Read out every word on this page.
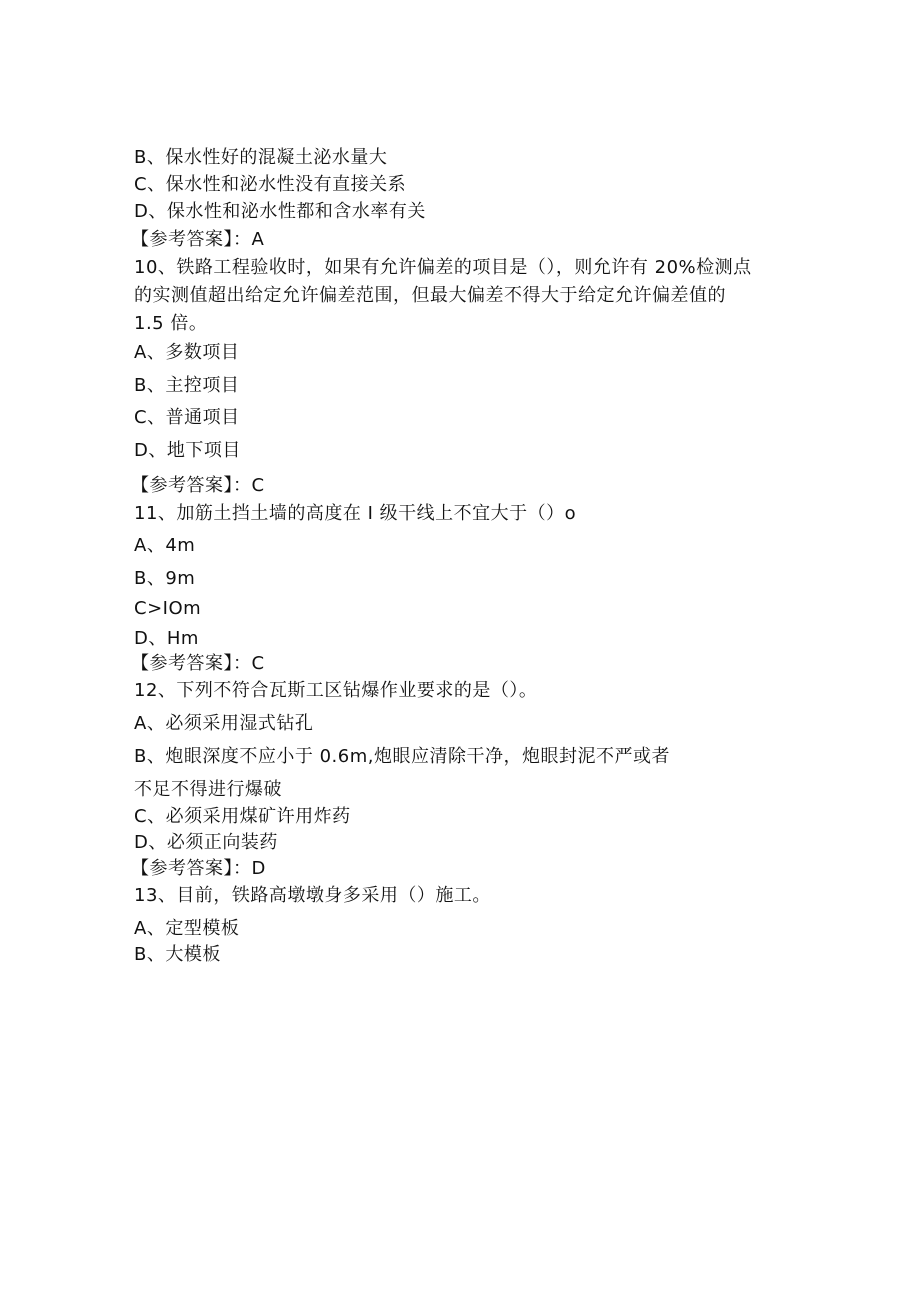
B、保水性好的混凝土泌水量大
C、保水性和泌水性没有直接关系
D、保水性和泌水性都和含水率有关
【参考答案】：A
10、铁路工程验收时，如果有允许偏差的项目是（），则允许有 20%检测点
的实测值超出给定允许偏差范围，但最大偏差不得大于给定允许偏差值的
1.5 倍。
A、多数项目
B、主控项目
C、普通项目
D、地下项目
【参考答案】：C
11、加筋土挡土墙的高度在 I 级干线上不宜大于（）o
A、4m
B、9m
C>IOm
D、Hm
【参考答案】：C
12、下列不符合瓦斯工区钻爆作业要求的是（）。
A、必须采用湿式钻孔
B、炮眼深度不应小于 0.6m,炮眼应清除干净，炮眼封泥不严或者
不足不得进行爆破
C、必须采用煤矿许用炸药
D、必须正向装药
【参考答案】：D
13、目前，铁路高墩墩身多采用（）施工。
A、定型模板
B、大模板
